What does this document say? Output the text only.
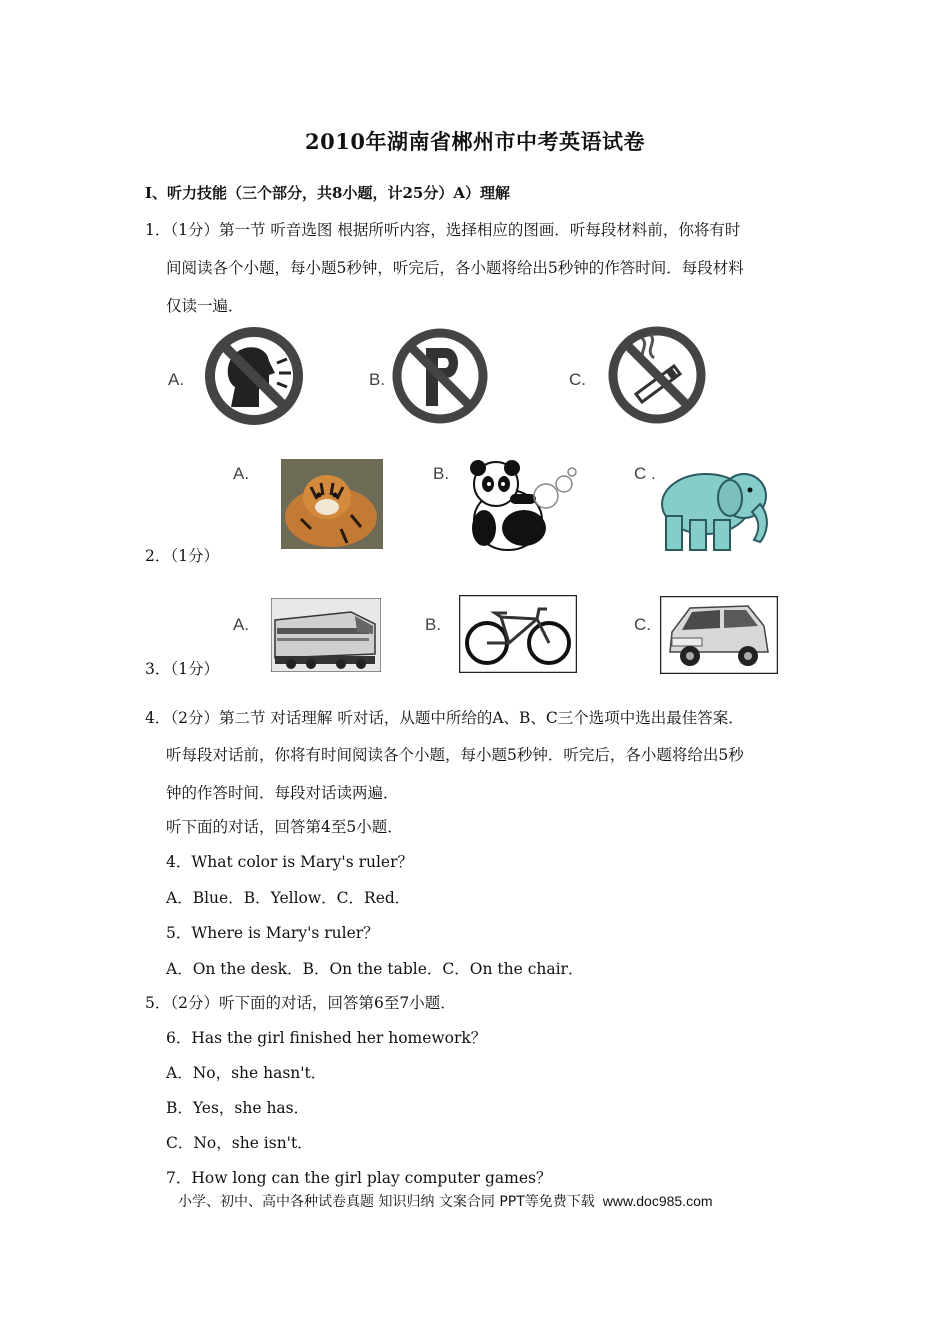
2010年湖南省郴州市中考英语试卷
I、听力技能（三个部分，共8小题，计25分）A）理解
1．（1分）第一节 听音选图 根据所听内容，选择相应的图画．听每段材料前，你将有时
间阅读各个小题，每小题5秒钟，听完后，各小题将给出5秒钟的作答时间．每段材料
仅读一遍．
A.	B.	C.
A.	B.	C .
2．（1分）
A.	B.	C.
3．（1分）
4．（2分）第二节 对话理解 听对话，从题中所给的A、B、C三个选项中选出最佳答案．
听每段对话前，你将有时间阅读各个小题，每小题5秒钟．听完后，各小题将给出5秒
钟的作答时间．每段对话读两遍．
听下面的对话，回答第4至5小题．
4．What color is Mary's ruler？
A．Blue．B．Yellow．C．Red．
5．Where is Mary's ruler？
A．On the desk．B．On the table．C．On the chair．
5．（2分）听下面的对话，回答第6至7小题．
6．Has the girl finished her homework？
A．No，she hasn't．
B．Yes，she has．
C．No，she isn't．
7．How long can the girl play computer games？
小学、初中、高中各种试卷真题 知识归纳 文案合同 PPT等免费下载 www.doc985.com
